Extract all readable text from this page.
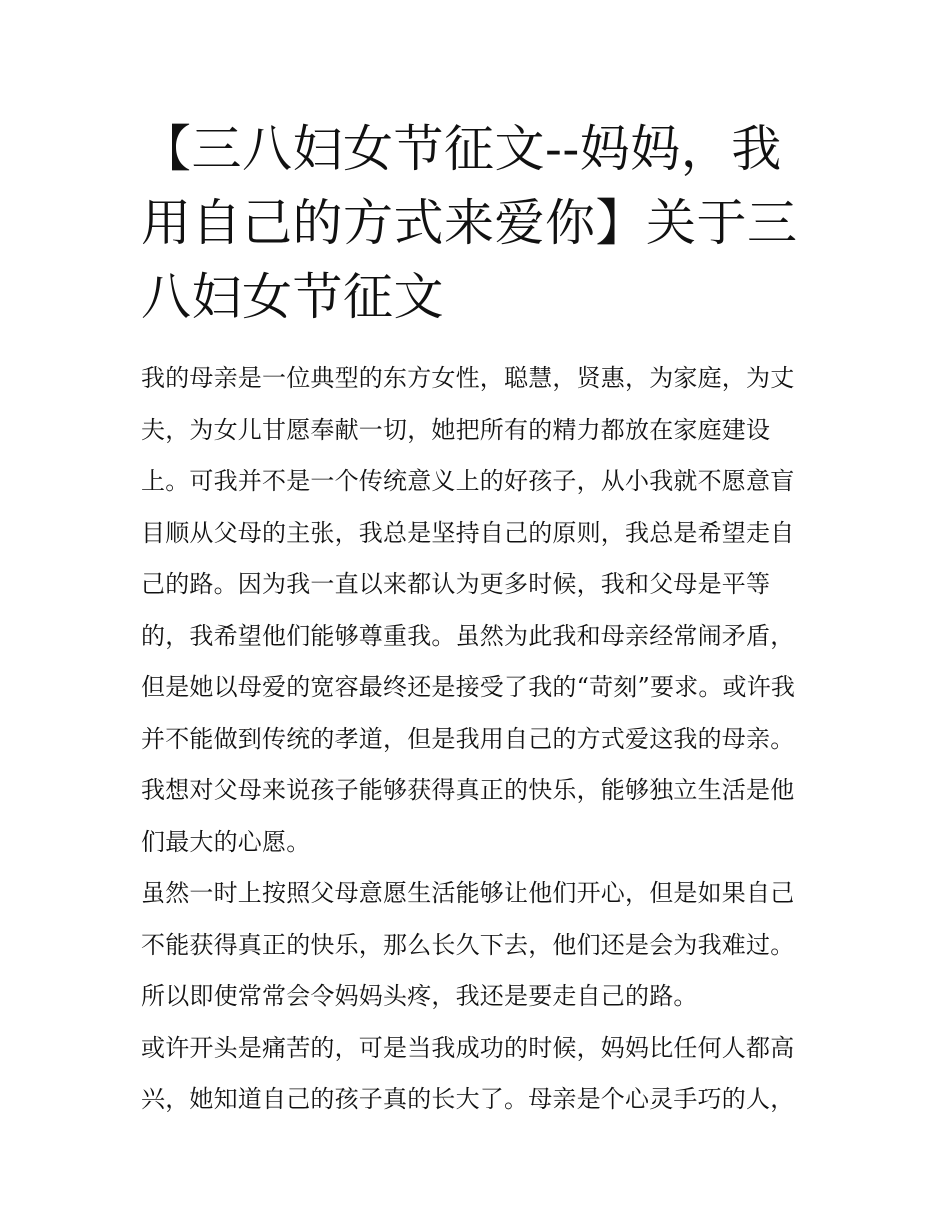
【三八妇女节征文--妈妈，我用自己的方式来爱你】关于三八妇女节征文

我的母亲是一位典型的东方女性，聪慧，贤惠，为家庭，为丈夫，为女儿甘愿奉献一切，她把所有的精力都放在家庭建设上。可我并不是一个传统意义上的好孩子，从小我就不愿意盲目顺从父母的主张，我总是坚持自己的原则，我总是希望走自己的路。因为我一直以来都认为更多时候，我和父母是平等的，我希望他们能够尊重我。虽然为此我和母亲经常闹矛盾，但是她以母爱的宽容最终还是接受了我的“苛刻”要求。或许我并不能做到传统的孝道，但是我用自己的方式爱这我的母亲。我想对父母来说孩子能够获得真正的快乐，能够独立生活是他们最大的心愿。

虽然一时上按照父母意愿生活能够让他们开心，但是如果自己不能获得真正的快乐，那么长久下去，他们还是会为我难过。所以即使常常会令妈妈头疼，我还是要走自己的路。

或许开头是痛苦的，可是当我成功的时候，妈妈比任何人都高兴，她知道自己的孩子真的长大了。母亲是个心灵手巧的人，
